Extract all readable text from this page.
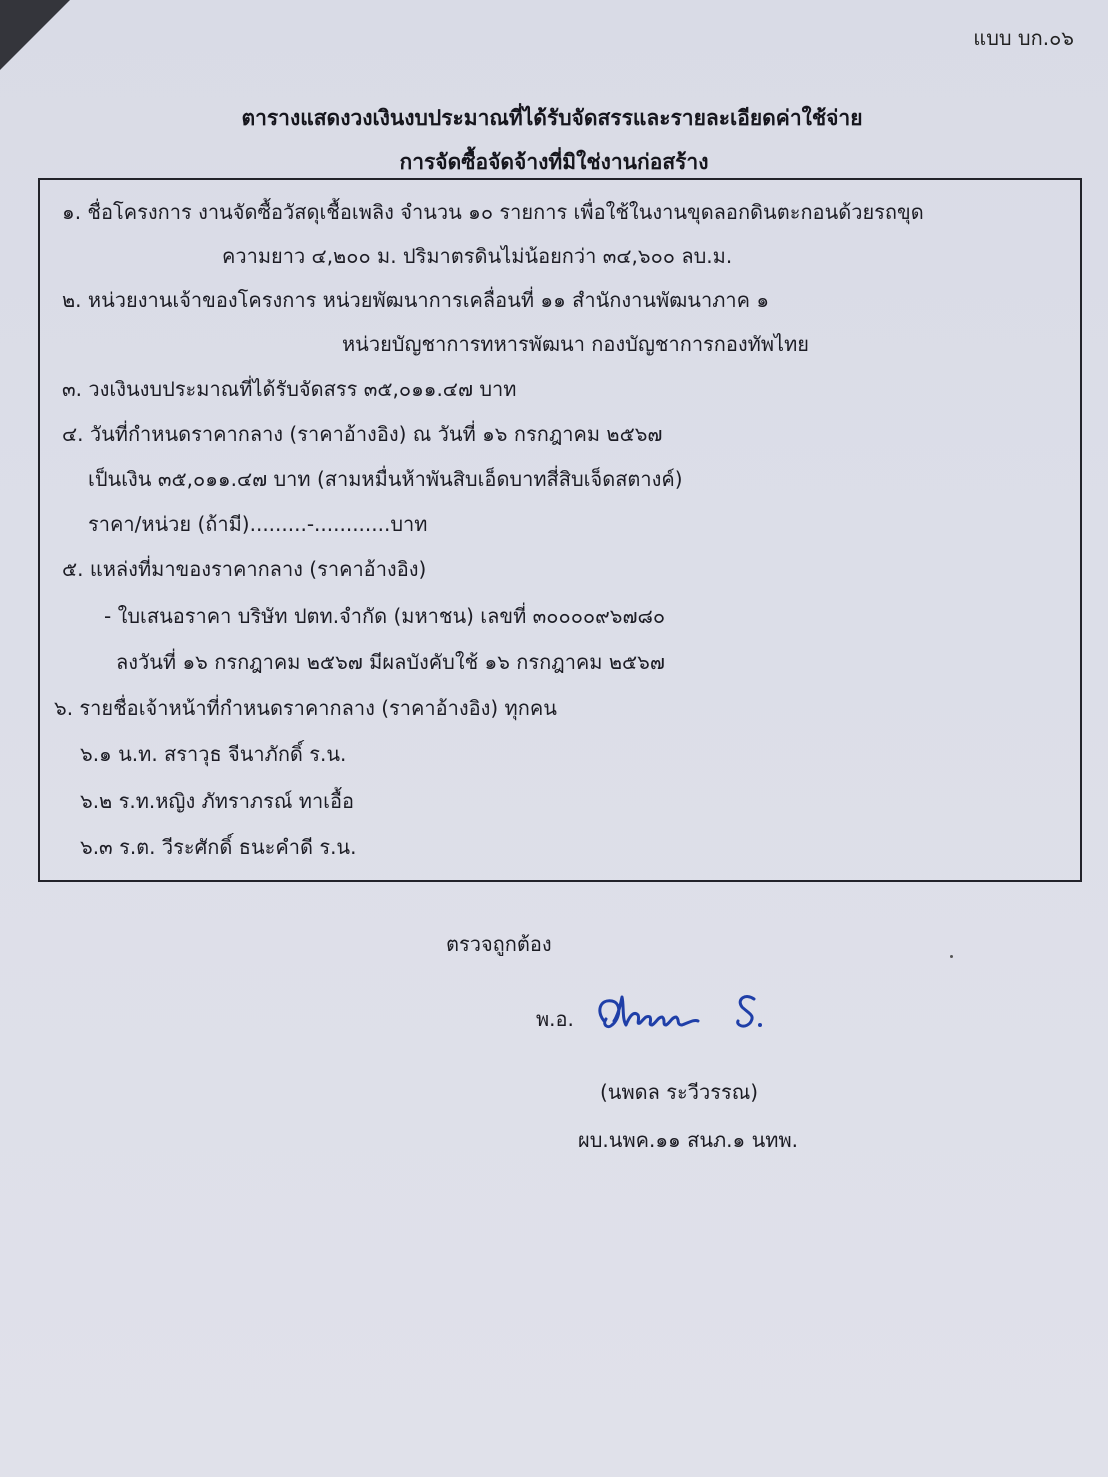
แบบ บก.๐๖
ตารางแสดงวงเงินงบประมาณที่ได้รับจัดสรรและรายละเอียดค่าใช้จ่าย
การจัดซื้อจัดจ้างที่มิใช่งานก่อสร้าง
๑. ชื่อโครงการ งานจัดซื้อวัสดุเชื้อเพลิง จำนวน ๑๐ รายการ เพื่อใช้ในงานขุดลอกดินตะกอนด้วยรถขุด
ความยาว ๔,๒๐๐ ม. ปริมาตรดินไม่น้อยกว่า ๓๔,๖๐๐ ลบ.ม.
๒. หน่วยงานเจ้าของโครงการ หน่วยพัฒนาการเคลื่อนที่ ๑๑ สำนักงานพัฒนาภาค ๑
หน่วยบัญชาการทหารพัฒนา กองบัญชาการกองทัพไทย
๓. วงเงินงบประมาณที่ได้รับจัดสรร ๓๕,๐๑๑.๔๗ บาท
๔. วันที่กำหนดราคากลาง (ราคาอ้างอิง) ณ วันที่ ๑๖ กรกฎาคม ๒๕๖๗
เป็นเงิน ๓๕,๐๑๑.๔๗ บาท (สามหมื่นห้าพันสิบเอ็ดบาทสี่สิบเจ็ดสตางค์)
ราคา/หน่วย (ถ้ามี).........-............บาท
๕. แหล่งที่มาของราคากลาง (ราคาอ้างอิง)
- ใบเสนอราคา บริษัท ปตท.จำกัด (มหาชน) เลขที่ ๓๐๐๐๐๙๖๗๘๐
ลงวันที่ ๑๖ กรกฎาคม ๒๕๖๗ มีผลบังคับใช้ ๑๖ กรกฎาคม ๒๕๖๗
๖. รายชื่อเจ้าหน้าที่กำหนดราคากลาง (ราคาอ้างอิง) ทุกคน
๖.๑ น.ท. สราวุธ จีนาภักดิ์ ร.น.
๖.๒ ร.ท.หญิง ภัทราภรณ์ ทาเอื้อ
๖.๓ ร.ต. วีระศักดิ์ ธนะคำดี ร.น.
ตรวจถูกต้อง
พ.อ.
(นพดล ระวีวรรณ)
ผบ.นพค.๑๑ สนภ.๑ นทพ.
